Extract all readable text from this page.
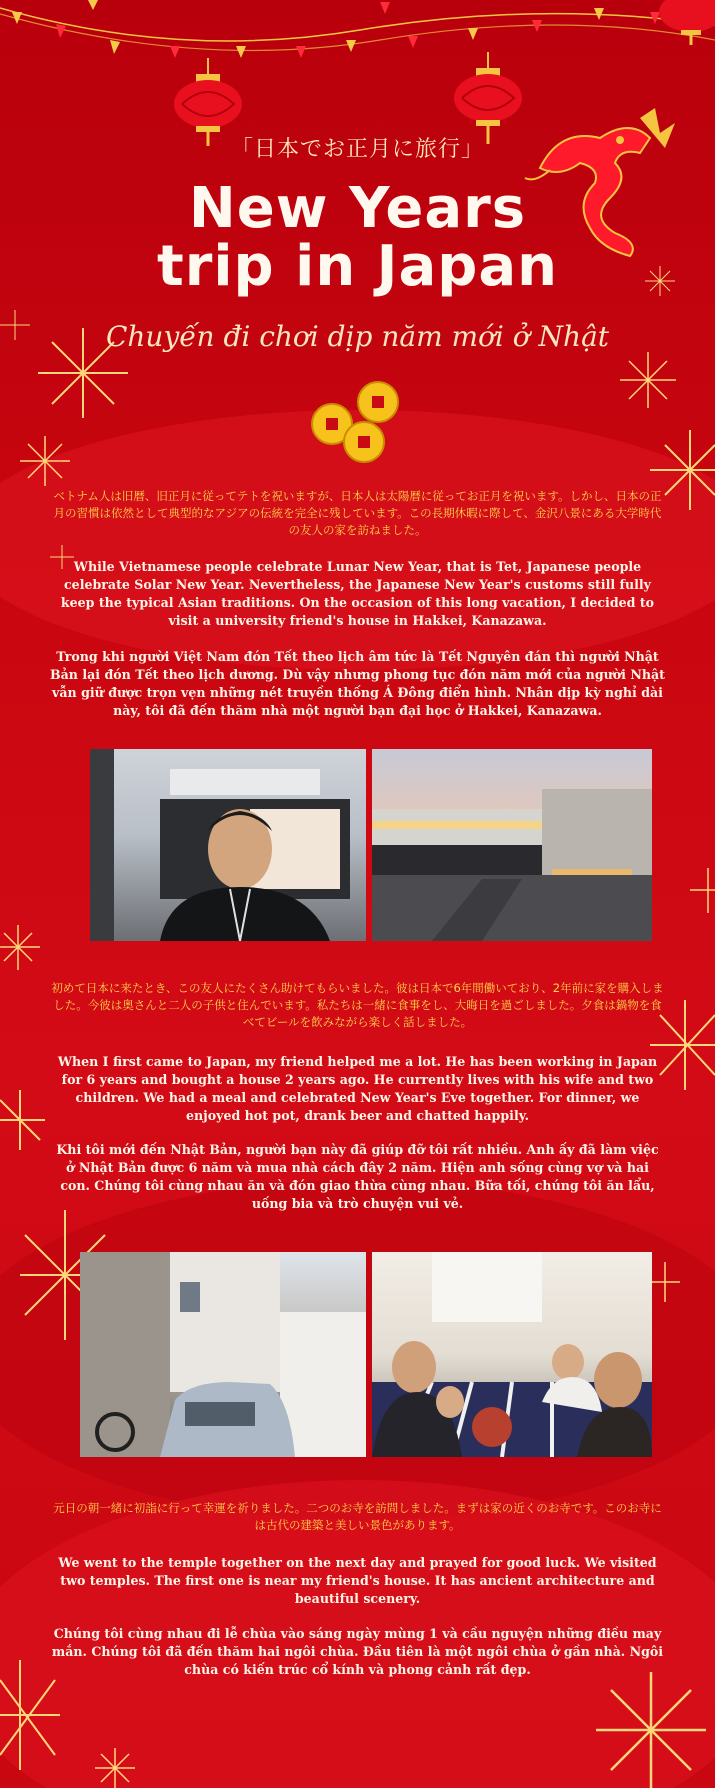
「日本でお正月に旅行」
New Years
trip in Japan
Chuyến đi chơi dịp năm mới ở Nhật
ベトナム人は旧暦、旧正月に従ってテトを祝いますが、日本人は太陽暦に従ってお正月を祝います。しかし、日本の正月の習慣は依然として典型的なアジアの伝統を完全に残しています。この長期休暇に際して、金沢八景にある大学時代の友人の家を訪ねました。
While Vietnamese people celebrate Lunar New Year, that is Tet, Japanese people celebrate Solar New Year. Nevertheless, the Japanese New Year's customs still fully keep the typical Asian traditions. On the occasion of this long vacation, I decided to visit a university friend's house in Hakkei, Kanazawa.
Trong khi người Việt Nam đón Tết theo lịch âm tức là Tết Nguyên đán thì người Nhật Bản lại đón Tết theo lịch dương. Dù vậy nhưng phong tục đón năm mới của người Nhật vẫn giữ được trọn vẹn những nét truyền thống Á Đông điển hình. Nhân dịp kỳ nghỉ dài này, tôi đã đến thăm nhà một người bạn đại học ở Hakkei, Kanazawa.
初めて日本に来たとき、この友人にたくさん助けてもらいました。彼は日本で6年間働いており、2年前に家を購入しました。今彼は奥さんと二人の子供と住んでいます。私たちは一緒に食事をし、大晦日を過ごしました。夕食は鍋物を食べてビールを飲みながら楽しく話しました。
When I first came to Japan, my friend helped me a lot. He has been working in Japan for 6 years and bought a house 2 years ago. He currently lives with his wife and two children. We had a meal and celebrated New Year's Eve together. For dinner, we enjoyed hot pot, drank beer and chatted happily.
Khi tôi mới đến Nhật Bản, người bạn này đã giúp đỡ tôi rất nhiều. Anh ấy đã làm việc ở Nhật Bản được 6 năm và mua nhà cách đây 2 năm. Hiện anh sống cùng vợ và hai con. Chúng tôi cùng nhau ăn và đón giao thừa cùng nhau. Bữa tối, chúng tôi ăn lẩu, uống bia và trò chuyện vui vẻ.
元日の朝一緒に初詣に行って幸運を祈りました。二つのお寺を訪問しました。まずは家の近くのお寺です。このお寺には古代の建築と美しい景色があります。
We went to the temple together on the next day and prayed for good luck. We visited two temples. The first one is near my friend's house. It has ancient architecture and beautiful scenery.
Chúng tôi cùng nhau đi lễ chùa vào sáng ngày mùng 1 và cầu nguyện những điều may mắn. Chúng tôi đã đến thăm hai ngôi chùa. Đầu tiên là một ngôi chùa ở gần nhà. Ngôi chùa có kiến trúc cổ kính và phong cảnh rất đẹp.
